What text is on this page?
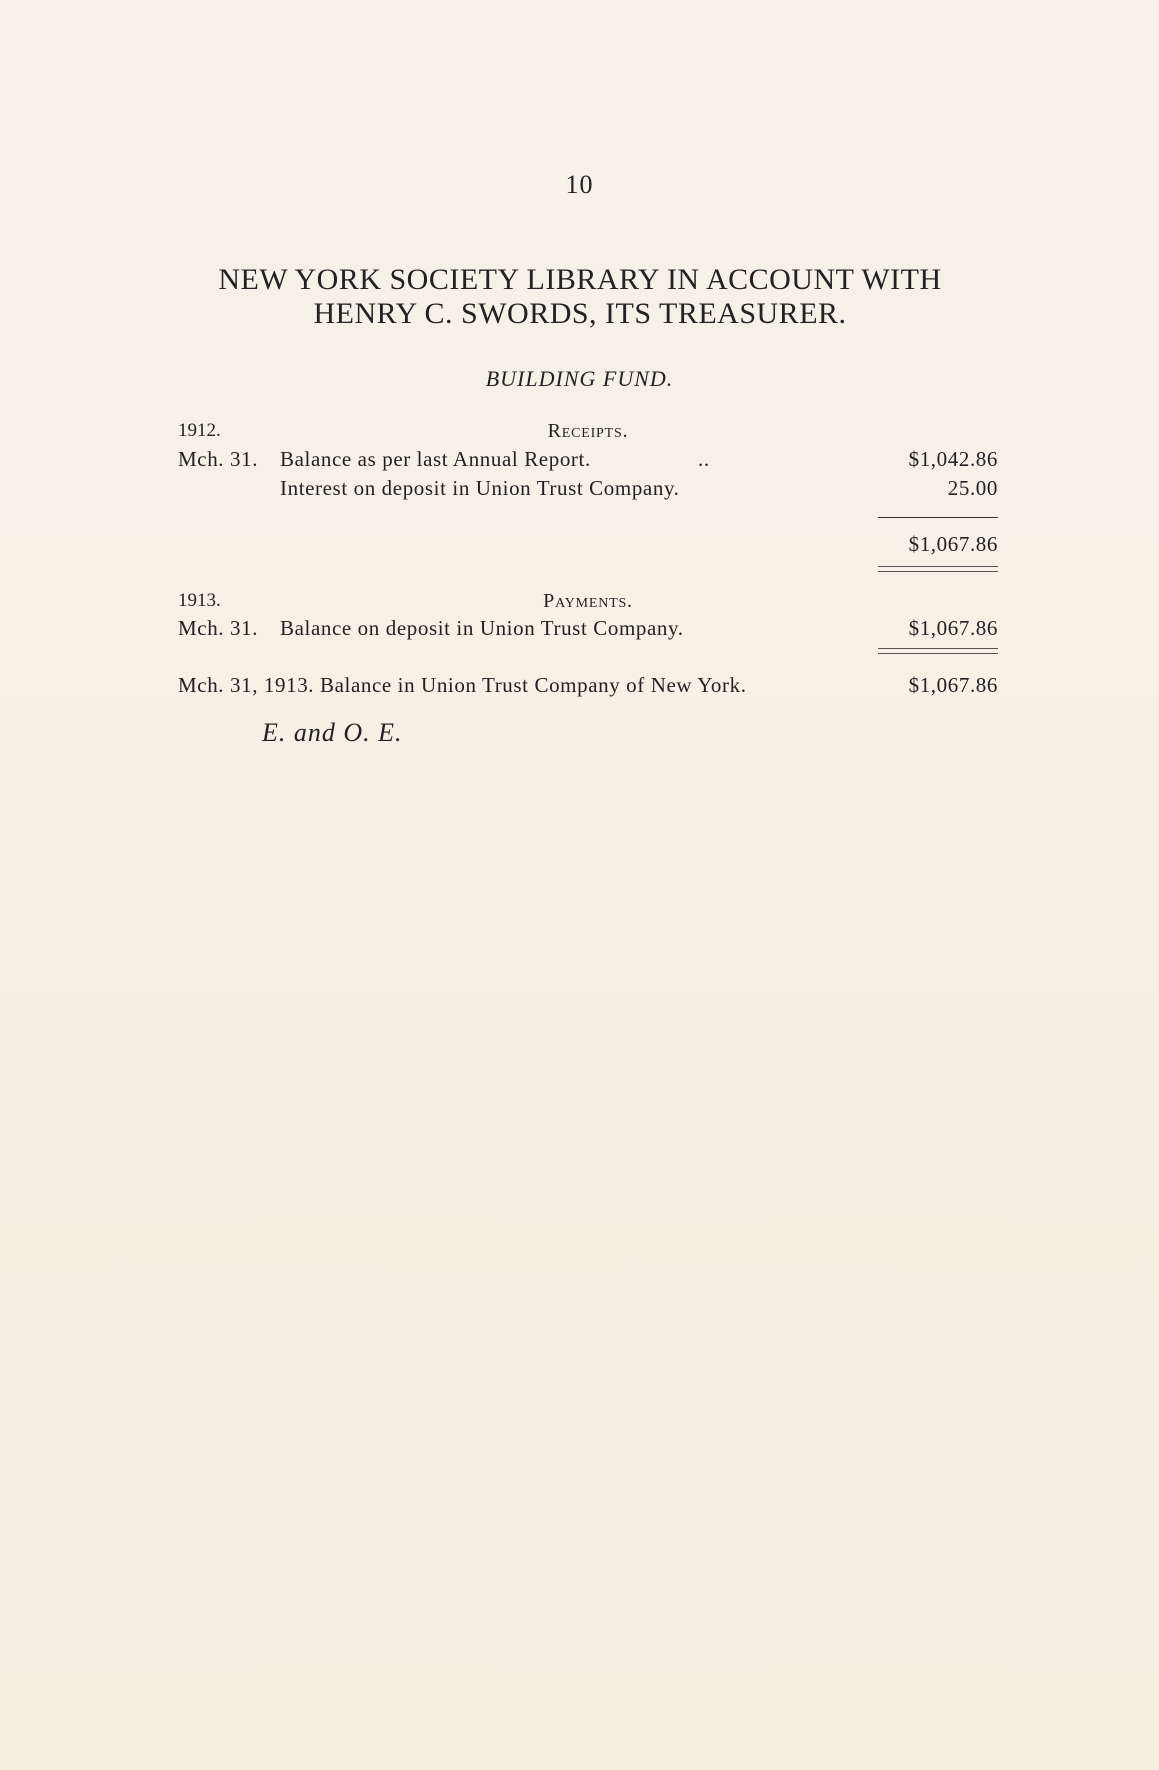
10
NEW YORK SOCIETY LIBRARY IN ACCOUNT WITH
HENRY C. SWORDS, ITS TREASURER.
BUILDING FUND.
1912.	Receipts.
Mch. 31. Balance as per last Annual Report.	..	$1,042.86
Interest on deposit in Union Trust Company.	25.00
$1,067.86
1913.	Payments.
Mch. 31. Balance on deposit in Union Trust Company.	$1,067.86
Mch. 31, 1913. Balance in Union Trust Company of New York.	$1,067.86
E. and O. E.
